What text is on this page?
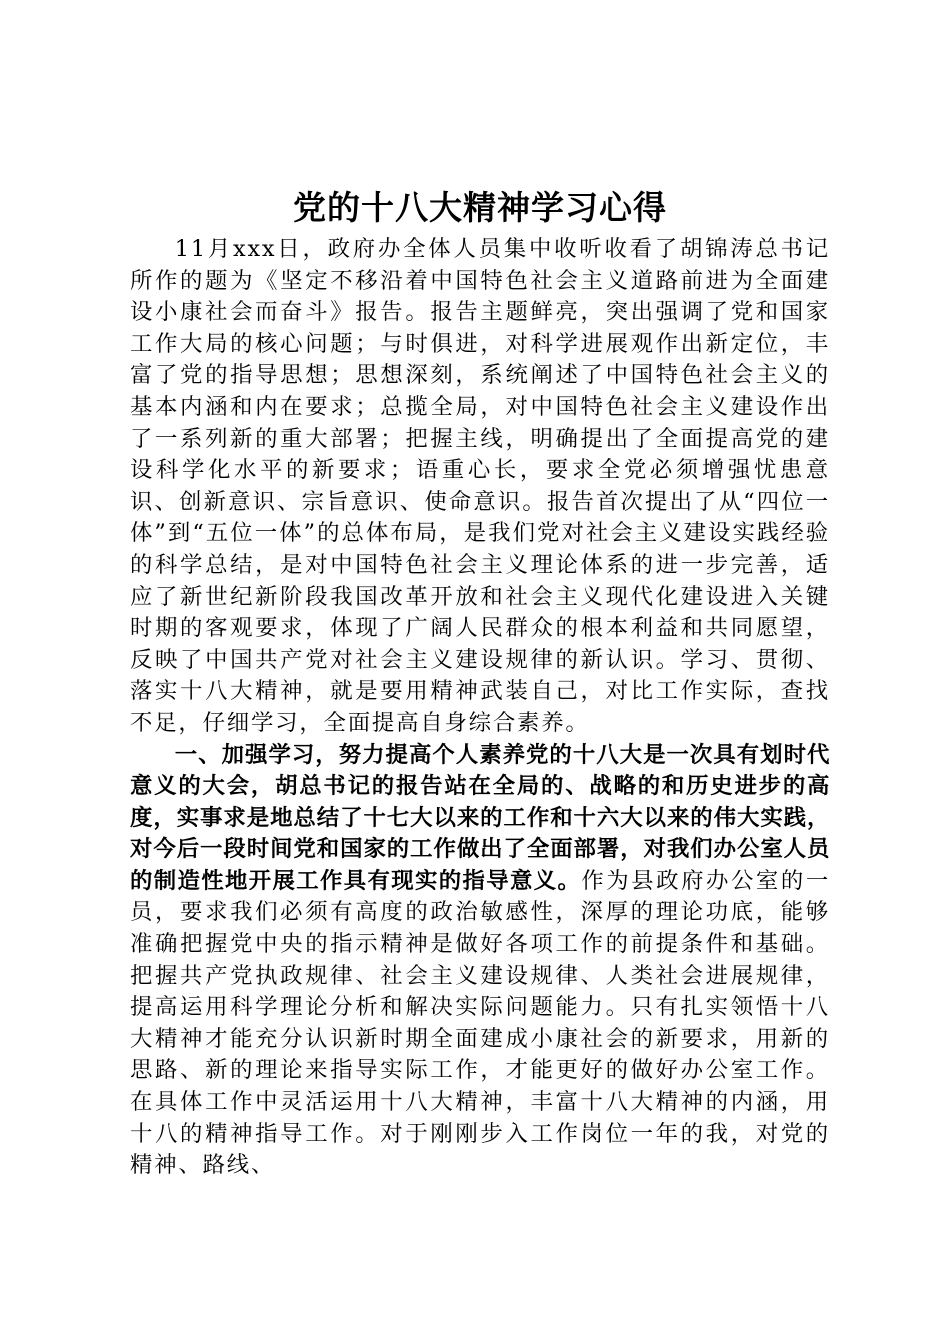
党的十八大精神学习心得

11月xxx日，政府办全体人员集中收听收看了胡锦涛总书记所作的题为《坚定不移沿着中国特色社会主义道路前进为全面建设小康社会而奋斗》报告。报告主题鲜亮，突出强调了党和国家工作大局的核心问题；与时俱进，对科学进展观作出新定位，丰富了党的指导思想；思想深刻，系统阐述了中国特色社会主义的基本内涵和内在要求；总揽全局，对中国特色社会主义建设作出了一系列新的重大部署；把握主线，明确提出了全面提高党的建设科学化水平的新要求；语重心长，要求全党必须增强忧患意识、创新意识、宗旨意识、使命意识。报告首次提出了从“四位一体”到“五位一体”的总体布局，是我们党对社会主义建设实践经验的科学总结，是对中国特色社会主义理论体系的进一步完善，适应了新世纪新阶段我国改革开放和社会主义现代化建设进入关键时期的客观要求，体现了广阔人民群众的根本利益和共同愿望，反映了中国共产党对社会主义建设规律的新认识。学习、贯彻、落实十八大精神，就是要用精神武装自己，对比工作实际，查找不足，仔细学习，全面提高自身综合素养。

一、加强学习，努力提高个人素养党的十八大是一次具有划时代意义的大会，胡总书记的报告站在全局的、战略的和历史进步的高度，实事求是地总结了十七大以来的工作和十六大以来的伟大实践，对今后一段时间党和国家的工作做出了全面部署，对我们办公室人员的制造性地开展工作具有现实的指导意义。作为县政府办公室的一员，要求我们必须有高度的政治敏感性，深厚的理论功底，能够准确把握党中央的指示精神是做好各项工作的前提条件和基础。把握共产党执政规律、社会主义建设规律、人类社会进展规律，提高运用科学理论分析和解决实际问题能力。只有扎实领悟十八大精神才能充分认识新时期全面建成小康社会的新要求，用新的思路、新的理论来指导实际工作，才能更好的做好办公室工作。在具体工作中灵活运用十八大精神，丰富十八大精神的内涵，用十八的精神指导工作。对于刚刚步入工作岗位一年的我，对党的精神、路线、
